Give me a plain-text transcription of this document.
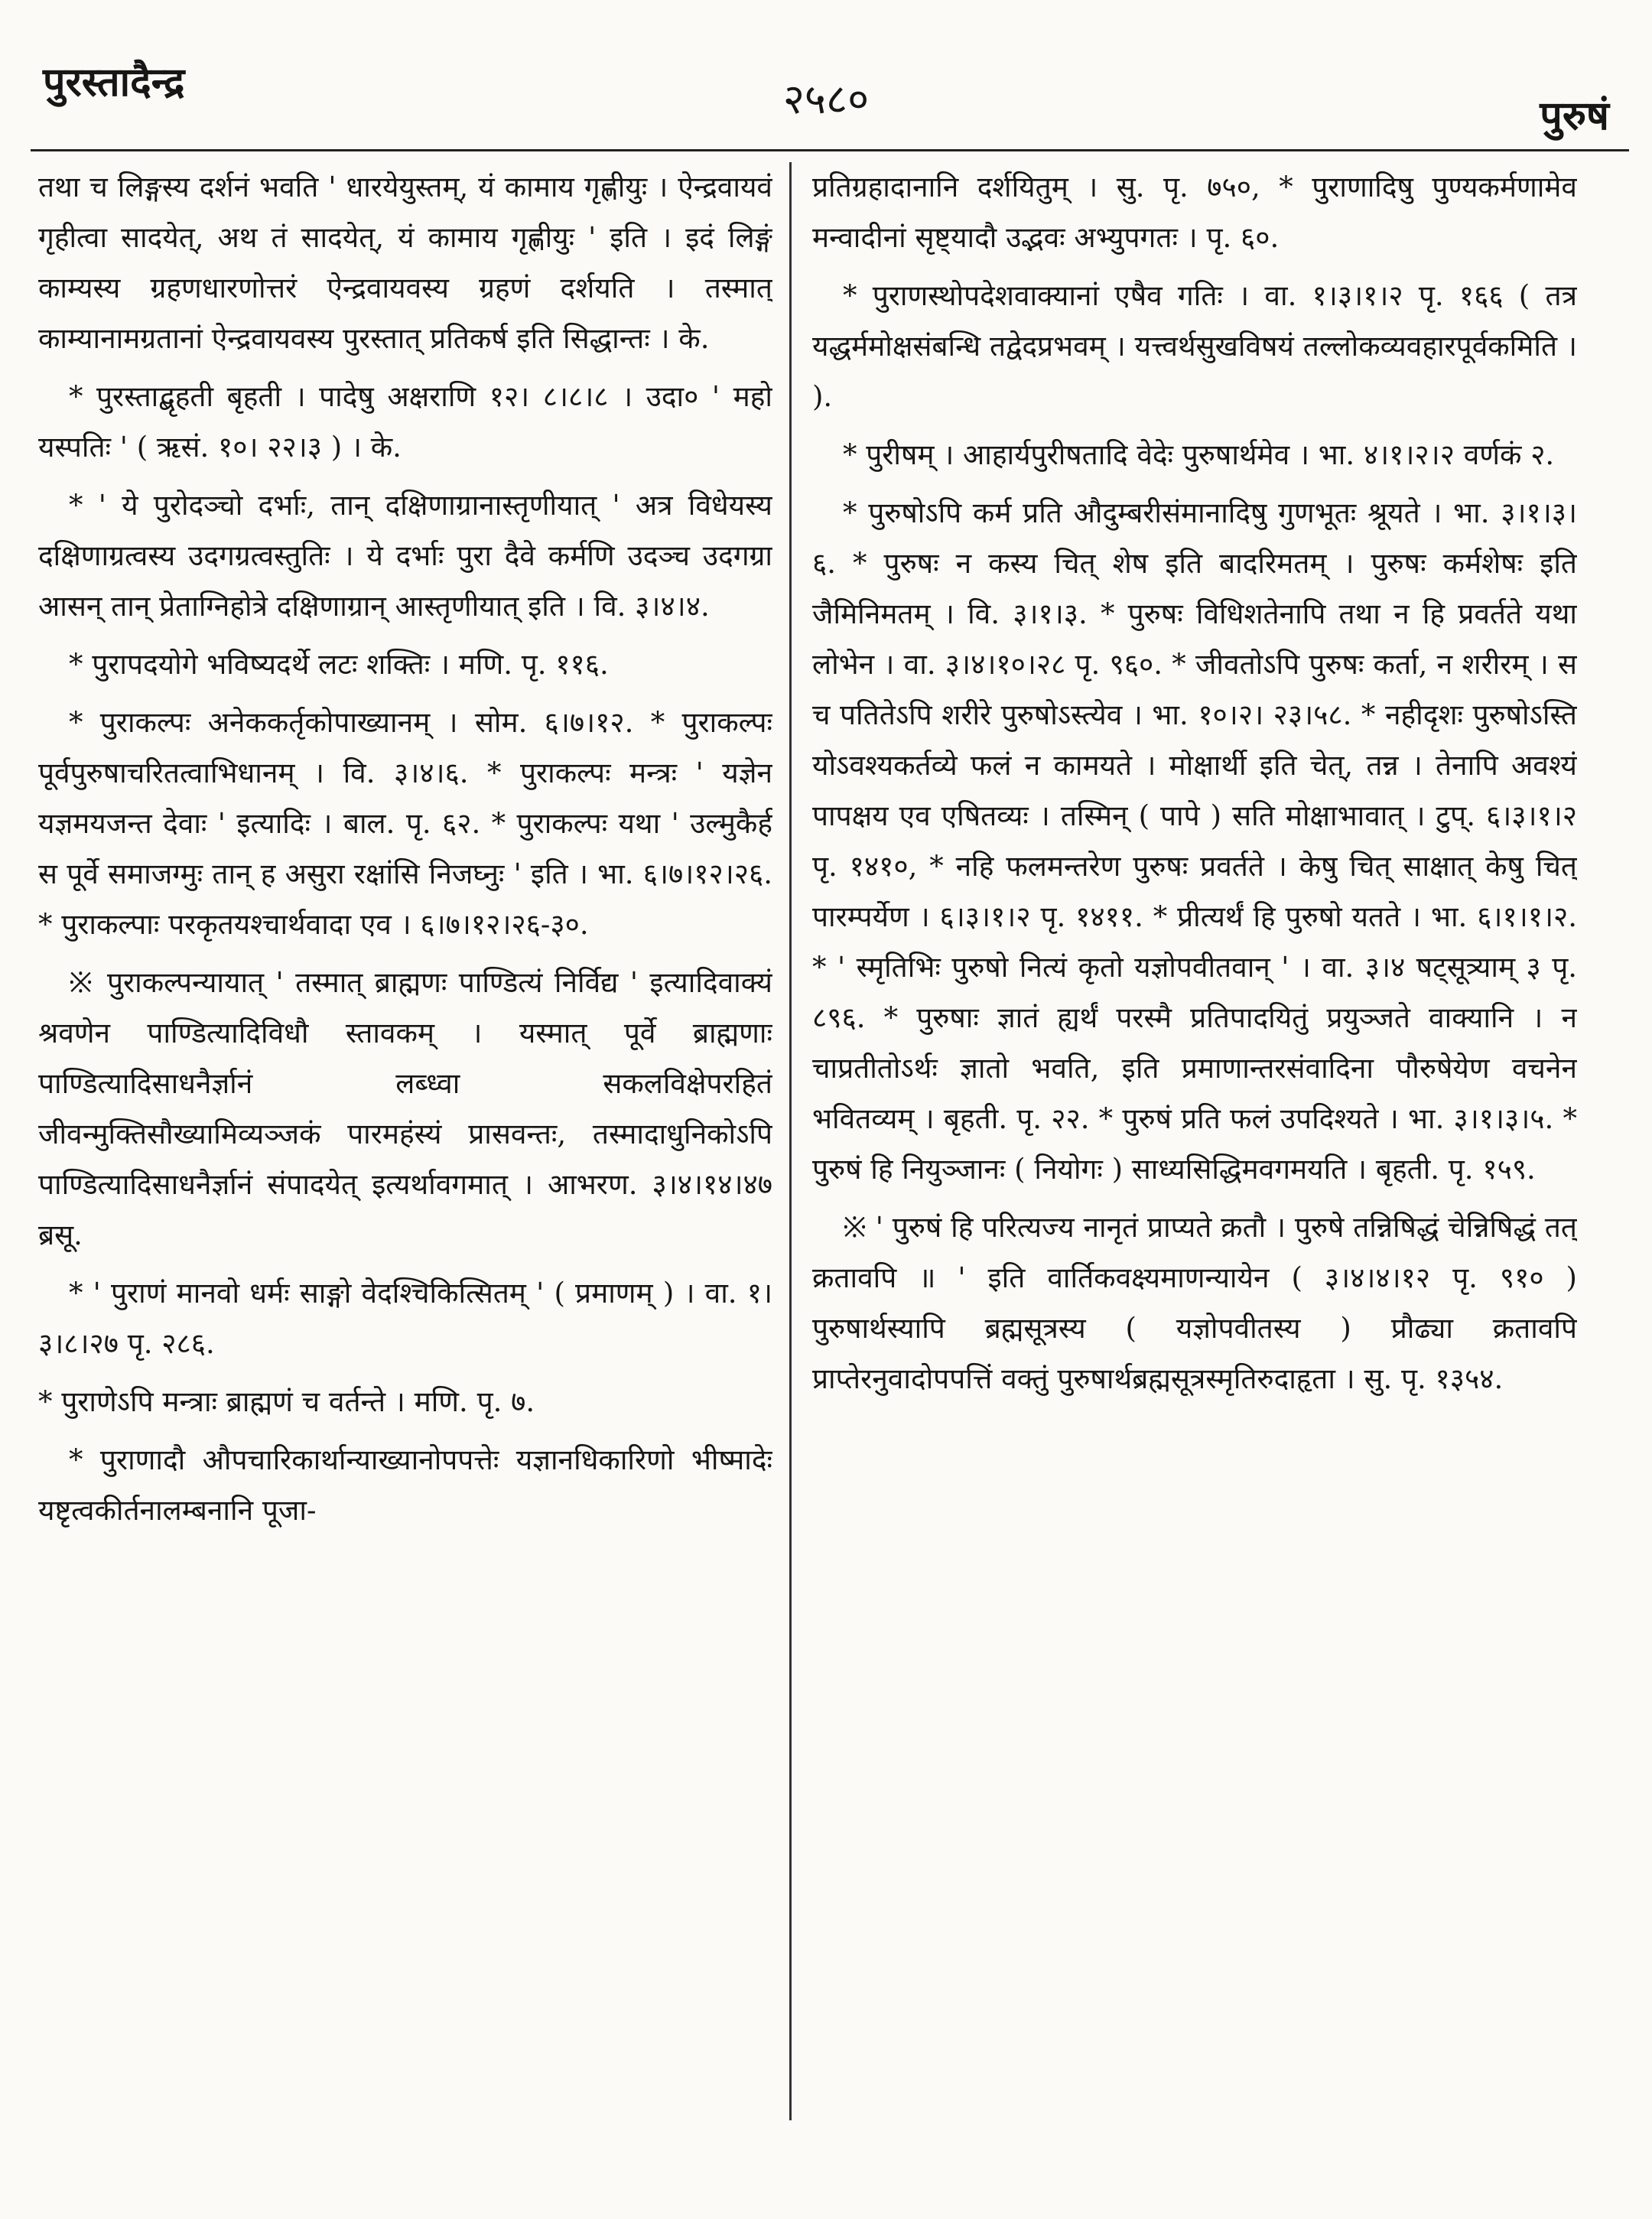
पुरस्तादैन्द्र	२५८०	पुरुषं

तथा च लिङ्गस्य दर्शनं भवति ' धारयेयुस्तम्, यं कामाय गृह्णीयुः । ऐन्द्रवायवं गृहीत्वा सादयेत्, अथ तं सादयेत्, यं कामाय गृह्णीयुः ' इति । इदं लिङ्गं काम्यस्य ग्रहणधारणोत्तरं ऐन्द्रवायवस्य ग्रहणं दर्शयति । तस्मात् काम्यानामग्रतानां ऐन्द्रवायवस्य पुरस्तात् प्रतिकर्ष इति सिद्धान्तः । के.

* पुरस्ताद्बृहती बृहती । पादेषु अक्षराणि १२। ८।८।८ । उदा० ' महो यस्पतिः ' ( ऋसं. १०। २२।३ ) । के.

* ' ये पुरोदञ्चो दर्भाः, तान् दक्षिणाग्रानास्तृणीयात् ' अत्र विधेयस्य दक्षिणाग्रत्वस्य उदगग्रत्वस्तुतिः । ये दर्भाः पुरा दैवे कर्मणि उदञ्च उदगग्रा आसन् तान् प्रेताग्निहोत्रे दक्षिणाग्रान् आस्तृणीयात् इति । वि. ३।४।४.

* पुरापदयोगे भविष्यदर्थे लटः शक्तिः । मणि. पृ. ११६.

* पुराकल्पः अनेककर्तृकोपाख्यानम् । सोम. ६।७।१२. * पुराकल्पः पूर्वपुरुषाचरितत्वाभिधानम् । वि. ३।४।६. * पुराकल्पः मन्त्रः ' यज्ञेन यज्ञमयजन्त देवाः ' इत्यादिः । बाल. पृ. ६२. * पुराकल्पः यथा ' उल्मुकैर्ह स पूर्वे समाजग्मुः तान् ह असुरा रक्षांसि निजघ्नुः ' इति । भा. ६।७।१२।२६. * पुराकल्पाः परकृतयश्चार्थवादा एव । ६।७।१२।२६-३०.

※ पुराकल्पन्यायात् ' तस्मात् ब्राह्मणः पाण्डित्यं निर्विद्य ' इत्यादिवाक्यं श्रवणेन पाण्डित्यादिविधौ स्तावकम् । यस्मात् पूर्वे ब्राह्मणाः पाण्डित्यादिसाधनैर्ज्ञानं लब्ध्वा सकलविक्षेपरहितं जीवन्मुक्तिसौख्यामिव्यञ्जकं पारमहंस्यं प्रासवन्तः, तस्मादाधुनिकोऽपि पाण्डित्यादिसाधनैर्ज्ञानं संपादयेत् इत्यर्थावगमात् । आभरण. ३।४।१४।४७ ब्रसू.

* ' पुराणं मानवो धर्मः साङ्गो वेदश्चिकित्सितम् ' ( प्रमाणम् ) । वा. १।३।८।२७ पृ. २८६.

* पुराणेऽपि मन्त्राः ब्राह्मणं च वर्तन्ते । मणि. पृ. ७.

* पुराणादौ औपचारिकार्थान्याख्यानोपपत्तेः यज्ञानधिकारिणो भीष्मादेः यष्टृत्वकीर्तनालम्बनानि पूजा-

प्रतिग्रहादानानि दर्शयितुम् । सु. पृ. ७५०, * पुराणादिषु पुण्यकर्मणामेव मन्वादीनां सृष्ट्यादौ उद्भवः अभ्युपगतः । पृ. ६०.

* पुराणस्थोपदेशवाक्यानां एषैव गतिः । वा. १।३।१।२ पृ. १६६ ( तत्र यद्धर्ममोक्षसंबन्धि तद्वेदप्रभवम् । यत्त्वर्थसुखविषयं तल्लोकव्यवहारपूर्वकमिति । ).

* पुरीषम् । आहार्यपुरीषतादि वेदेः पुरुषार्थमेव । भा. ४।१।२।२ वर्णकं २.

* पुरुषोऽपि कर्म प्रति औदुम्बरीसंमानादिषु गुणभूतः श्रूयते । भा. ३।१।३।६. * पुरुषः न कस्य चित् शेष इति बादरिमतम् । पुरुषः कर्मशेषः इति जैमिनिमतम् । वि. ३।१।३. * पुरुषः विधिशतेनापि तथा न हि प्रवर्तते यथा लोभेन । वा. ३।४।१०।२८ पृ. ९६०. * जीवतोऽपि पुरुषः कर्ता, न शरीरम् । स च पतितेऽपि शरीरे पुरुषोऽस्त्येव । भा. १०।२। २३।५८. * नहीदृशः पुरुषोऽस्ति योऽवश्यकर्तव्ये फलं न कामयते । मोक्षार्थी इति चेत्, तन्न । तेनापि अवश्यं पापक्षय एव एषितव्यः । तस्मिन् ( पापे ) सति मोक्षाभावात् । टुप्. ६।३।१।२ पृ. १४१०, * नहि फलमन्तरेण पुरुषः प्रवर्तते । केषु चित् साक्षात् केषु चित् पारम्पर्येण । ६।३।१।२ पृ. १४११. * प्रीत्यर्थं हि पुरुषो यतते । भा. ६।१।१।२. * ' स्मृतिभिः पुरुषो नित्यं कृतो यज्ञोपवीतवान् ' । वा. ३।४ षट्सूत्र्याम् ३ पृ. ८९६. * पुरुषाः ज्ञातं ह्यर्थं परस्मै प्रतिपादयितुं प्रयुञ्जते वाक्यानि । न चाप्रतीतोऽर्थः ज्ञातो भवति, इति प्रमाणान्तरसंवादिना पौरुषेयेण वचनेन भवितव्यम् । बृहती. पृ. २२. * पुरुषं प्रति फलं उपदिश्यते । भा. ३।१।३।५. * पुरुषं हि नियुञ्जानः ( नियोगः ) साध्यसिद्धिमवगमयति । बृहती. पृ. १५९.

※ ' पुरुषं हि परित्यज्य नानृतं प्राप्यते क्रतौ । पुरुषे तन्निषिद्धं चेन्निषिद्धं तत् क्रतावपि ॥ ' इति वार्तिकवक्ष्यमाणन्यायेन ( ३।४।४।१२ पृ. ९१० ) पुरुषार्थस्यापि ब्रह्मसूत्रस्य ( यज्ञोपवीतस्य ) प्रौढ्या क्रतावपि प्राप्तेरनुवादोपपत्तिं वक्तुं पुरुषार्थब्रह्मसूत्रस्मृतिरुदाहृता । सु. पृ. १३५४.
